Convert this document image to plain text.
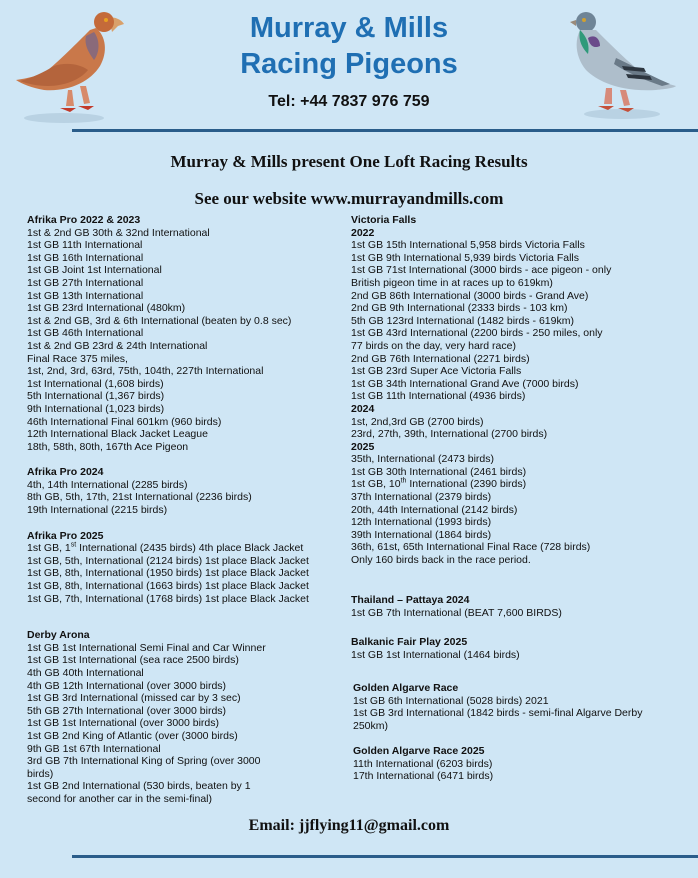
Murray & Mills
Racing Pigeons
Tel: +44 7837 976 759
Murray & Mills present One Loft Racing Results
See our website www.murrayandmills.com
Afrika Pro 2022 & 2023
1st & 2nd GB 30th & 32nd International
1st GB 11th International
1st GB 16th International
1st GB Joint 1st International
1st GB 27th International
1st GB 13th International
1st GB 23rd International (480km)
1st & 2nd GB, 3rd & 6th International (beaten by 0.8 sec)
1st GB 46th International
1st & 2nd GB 23rd & 24th International
Final Race 375 miles,
1st, 2nd, 3rd, 63rd, 75th, 104th, 227th International
1st International (1,608 birds)
5th International (1,367 birds)
9th International (1,023 birds)
46th International Final 601km (960 birds)
12th International Black Jacket League
18th, 58th, 80th, 167th Ace Pigeon
Afrika Pro 2024
4th, 14th International (2285 birds)
8th GB, 5th, 17th, 21st International (2236 birds)
19th International (2215 birds)
Afrika Pro 2025
1st GB, 1st International (2435 birds) 4th place Black Jacket
1st GB, 5th, International (2124 birds) 1st place Black Jacket
1st GB, 8th, International (1950 birds) 1st place Black Jacket
1st GB, 8th, International (1663 birds) 1st place Black Jacket
1st GB, 7th, International (1768 birds) 1st place Black Jacket
Derby Arona
1st GB 1st International Semi Final and Car Winner
1st GB 1st International (sea race 2500 birds)
4th GB 40th International
4th GB 12th International (over 3000 birds)
1st GB 3rd International (missed car by 3 sec)
5th GB 27th International (over 3000 birds)
1st GB 1st International (over 3000 birds)
1st GB 2nd King of Atlantic (over (3000 birds)
9th GB 1st 67th International
3rd GB 7th International King of Spring (over 3000 birds)
1st GB 2nd International (530 birds, beaten by 1 second for another car in the semi-final)
Victoria Falls
2022
1st GB 15th International 5,958 birds Victoria Falls
1st GB 9th International 5,939 birds Victoria Falls
1st GB 71st International (3000 birds - ace pigeon - only British pigeon time in at races up to 619km)
2nd GB 86th International (3000 birds - Grand Ave)
2nd GB 9th International (2333 birds - 103 km)
5th GB 123rd International (1482 birds - 619km)
1st GB 43rd International (2200 birds - 250 miles, only 77 birds on the day, very hard race)
2nd GB 76th International (2271 birds)
1st GB 23rd Super Ace Victoria Falls
1st GB 34th International Grand Ave (7000 birds)
1st GB 11th International (4936 birds)
2024
1st, 2nd,3rd GB (2700 birds)
23rd, 27th, 39th, International (2700 birds)
2025
35th, International (2473 birds)
1st GB 30th International (2461 birds)
1st GB, 10th International (2390 birds)
37th International (2379 birds)
20th, 44th International (2142 birds)
12th International (1993 birds)
39th International (1864 birds)
36th, 61st, 65th International Final Race (728 birds)
Only 160 birds back in the race period.
Thailand – Pattaya 2024
1st GB 7th International (BEAT 7,600 BIRDS)
Balkanic Fair Play 2025
1st GB 1st International (1464 birds)
Golden Algarve Race
1st GB 6th International (5028 birds) 2021
1st GB 3rd International (1842 birds - semi-final Algarve Derby 250km)
Golden Algarve Race 2025
11th International (6203 birds)
17th International (6471 birds)
Email: jjflying11@gmail.com
